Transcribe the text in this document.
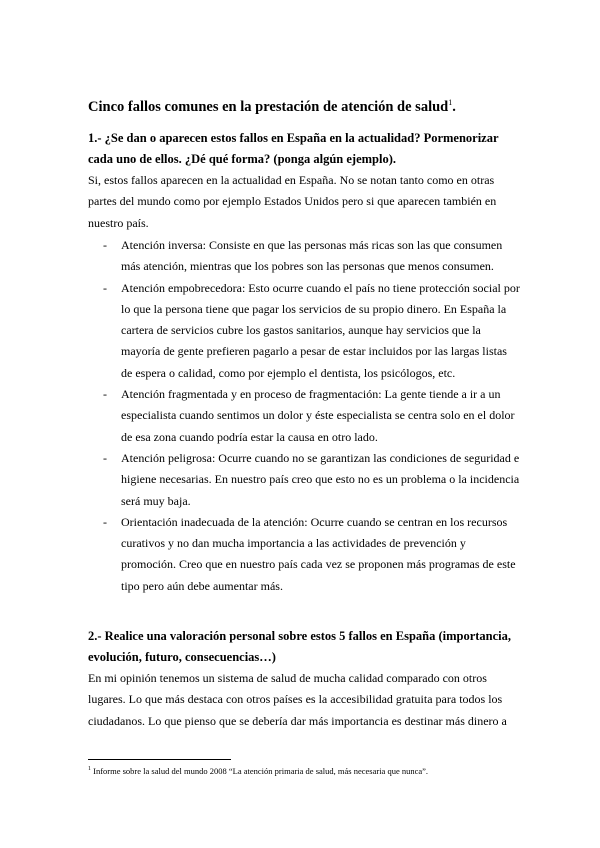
Cinco fallos comunes en la prestación de atención de salud$^1$.
1.- ¿Se dan o aparecen estos fallos en España en la actualidad? Pormenorizar cada uno de ellos. ¿Dé qué forma? (ponga algún ejemplo).
Si, estos fallos aparecen en la actualidad en España. No se notan tanto como en otras partes del mundo como por ejemplo Estados Unidos pero si que aparecen también en nuestro país.
- Atención inversa: Consiste en que las personas más ricas son las que consumen más atención, mientras que los pobres son las personas que menos consumen.
- Atención empobrecedora: Esto ocurre cuando el país no tiene protección social por lo que la persona tiene que pagar los servicios de su propio dinero. En España la cartera de servicios cubre los gastos sanitarios, aunque hay servicios que la mayoría de gente prefieren pagarlo a pesar de estar incluidos por las largas listas de espera o calidad, como por ejemplo el dentista, los psicólogos, etc.
- Atención fragmentada y en proceso de fragmentación: La gente tiende a ir a un especialista cuando sentimos un dolor y éste especialista se centra solo en el dolor de esa zona cuando podría estar la causa en otro lado.
- Atención peligrosa: Ocurre cuando no se garantizan las condiciones de seguridad e higiene necesarias. En nuestro país creo que esto no es un problema o la incidencia será muy baja.
- Orientación inadecuada de la atención: Ocurre cuando se centran en los recursos curativos y no dan mucha importancia a las actividades de prevención y promoción. Creo que en nuestro país cada vez se proponen más programas de este tipo pero aún debe aumentar más.
2.- Realice una valoración personal sobre estos 5 fallos en España (importancia, evolución, futuro, consecuencias…)
En mi opinión tenemos un sistema de salud de mucha calidad comparado con otros lugares. Lo que más destaca con otros países es la accesibilidad gratuita para todos los ciudadanos. Lo que pienso que se debería dar más importancia es destinar más dinero a
$^1$ Informe sobre la salud del mundo 2008 “La atención primaria de salud, más necesaria que nunca”.
